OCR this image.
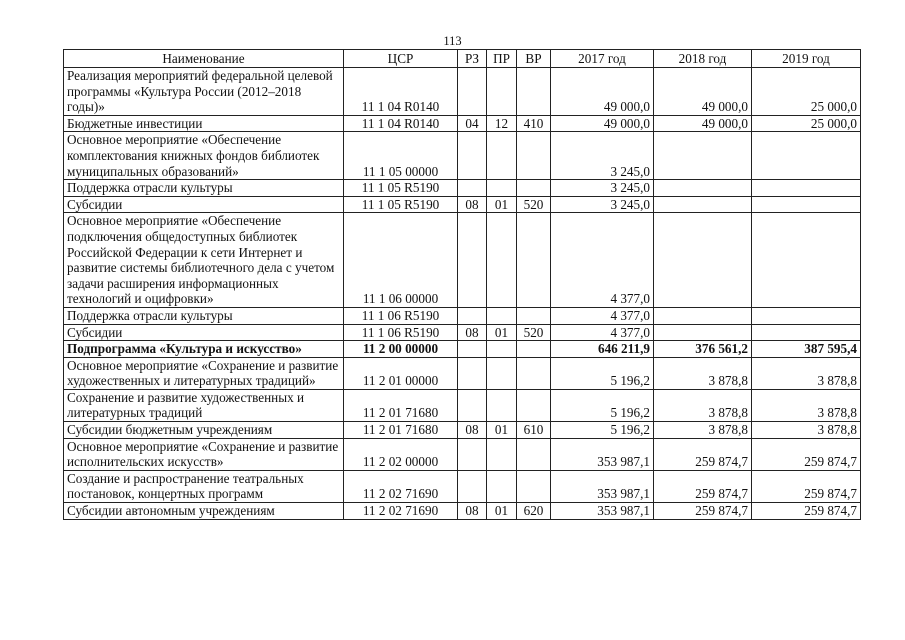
113
Наименование	ЦСР	РЗ	ПР	ВР	2017 год	2018 год	2019 год
Реализация мероприятий федеральной целевой программы «Культура России (2012–2018 годы)»	11 1 04 R0140				49 000,0	49 000,0	25 000,0
Бюджетные инвестиции	11 1 04 R0140	04	12	410	49 000,0	49 000,0	25 000,0
Основное мероприятие «Обеспечение комплектования книжных фондов библиотек муниципальных образований»	11 1 05 00000				3 245,0		
Поддержка отрасли культуры	11 1 05 R5190				3 245,0		
Субсидии	11 1 05 R5190	08	01	520	3 245,0		
Основное мероприятие «Обеспечение подключения общедоступных библиотек Российской Федерации к сети Интернет и развитие системы библиотечного дела с учетом задачи расширения информационных технологий и оцифровки»	11 1 06 00000				4 377,0		
Поддержка отрасли культуры	11 1 06 R5190				4 377,0		
Субсидии	11 1 06 R5190	08	01	520	4 377,0		
Подпрограмма «Культура и искусство»	11 2 00 00000				646 211,9	376 561,2	387 595,4
Основное мероприятие «Сохранение и развитие художественных и литературных традиций»	11 2 01 00000				5 196,2	3 878,8	3 878,8
Сохранение и развитие художественных и литературных традиций	11 2 01 71680				5 196,2	3 878,8	3 878,8
Субсидии бюджетным учреждениям	11 2 01 71680	08	01	610	5 196,2	3 878,8	3 878,8
Основное мероприятие «Сохранение и развитие исполнительских искусств»	11 2 02 00000				353 987,1	259 874,7	259 874,7
Создание и распространение театральных постановок, концертных программ	11 2 02 71690				353 987,1	259 874,7	259 874,7
Субсидии автономным учреждениям	11 2 02 71690	08	01	620	353 987,1	259 874,7	259 874,7
